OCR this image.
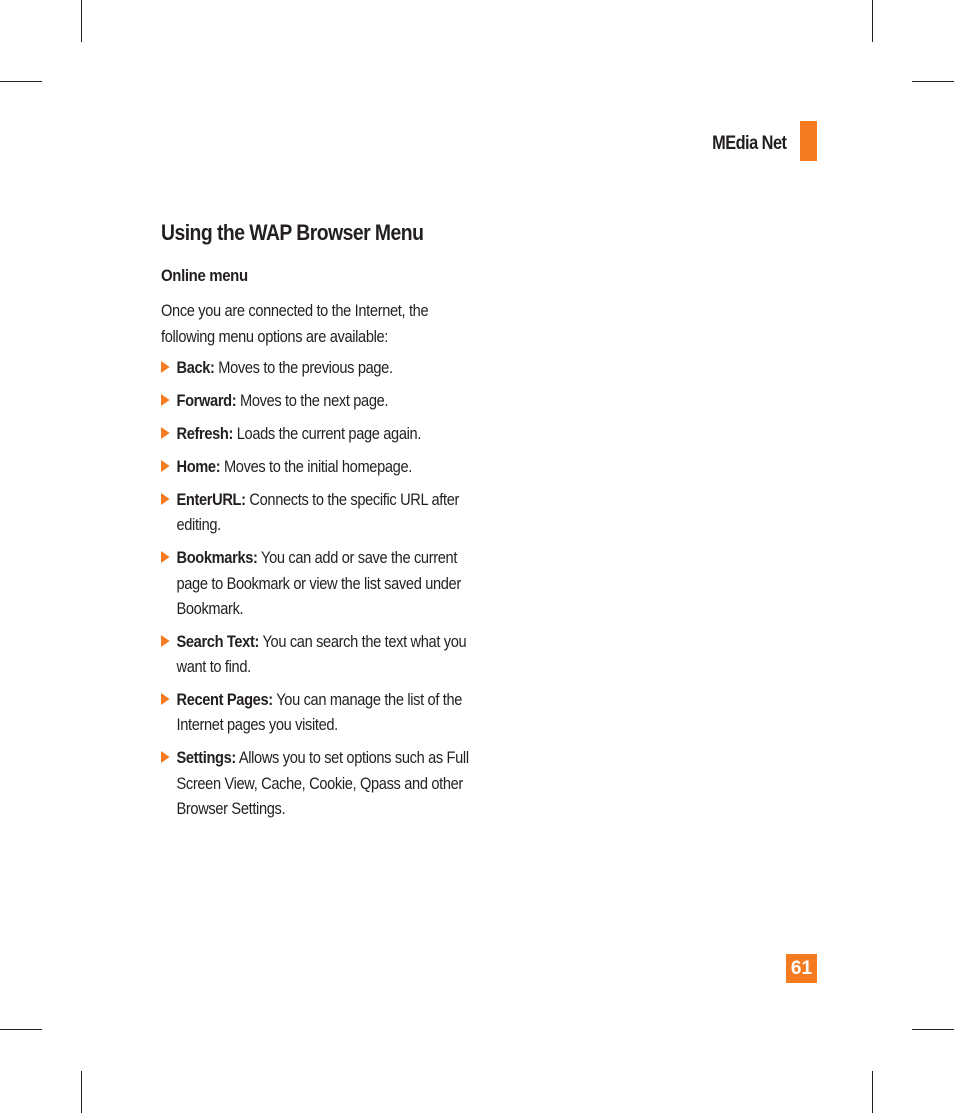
MEdia Net
Using the WAP Browser Menu
Online menu

Once you are connected to the Internet, the following menu options are available:

Back: Moves to the previous page.
Forward: Moves to the next page.
Refresh: Loads the current page again.
Home: Moves to the initial homepage.
EnterURL: Connects to the specific URL after editing.
Bookmarks: You can add or save the current page to Bookmark or view the list saved under Bookmark.
Search Text: You can search the text what you want to find.
Recent Pages: You can manage the list of the Internet pages you visited.
Settings: Allows you to set options such as Full Screen View, Cache, Cookie, Qpass and other Browser Settings.
61
